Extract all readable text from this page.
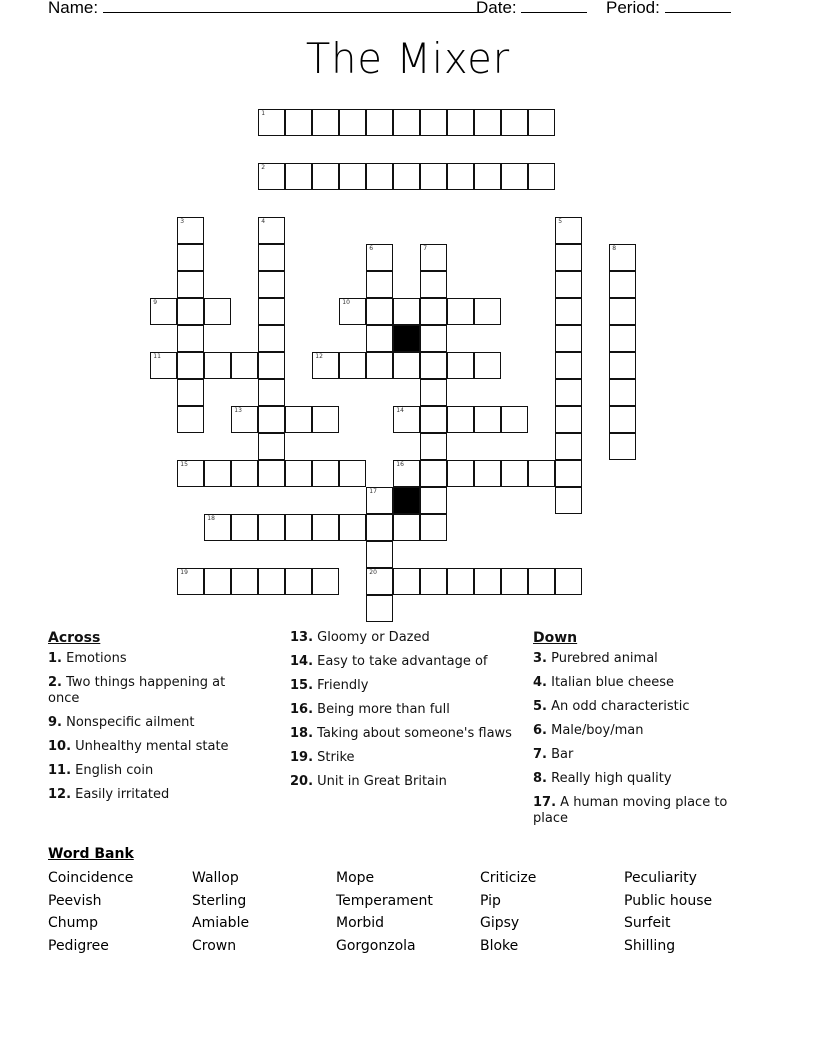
Name:	Date:	Period:
The Mixer
1
2
3	4	5
6	7	8
9	10
11	12
13	14
15	16
17
20
18
19
Across
1. Emotions
2. Two things happening at once
9. Nonspecific ailment
10. Unhealthy mental state
11. English coin
12. Easily irritated
13. Gloomy or Dazed
14. Easy to take advantage of
15. Friendly
16. Being more than full
18. Taking about someone's flaws
19. Strike
20. Unit in Great Britain
Down
3. Purebred animal
4. Italian blue cheese
5. An odd characteristic
6. Male/boy/man
7. Bar
8. Really high quality
17. A human moving place to place
Word Bank
Coincidence
Peevish
Chump
Pedigree
Wallop
Sterling
Amiable
Crown
Mope
Temperament
Morbid
Gorgonzola
Criticize
Pip
Gipsy
Bloke
Peculiarity
Public house
Surfeit
Shilling
